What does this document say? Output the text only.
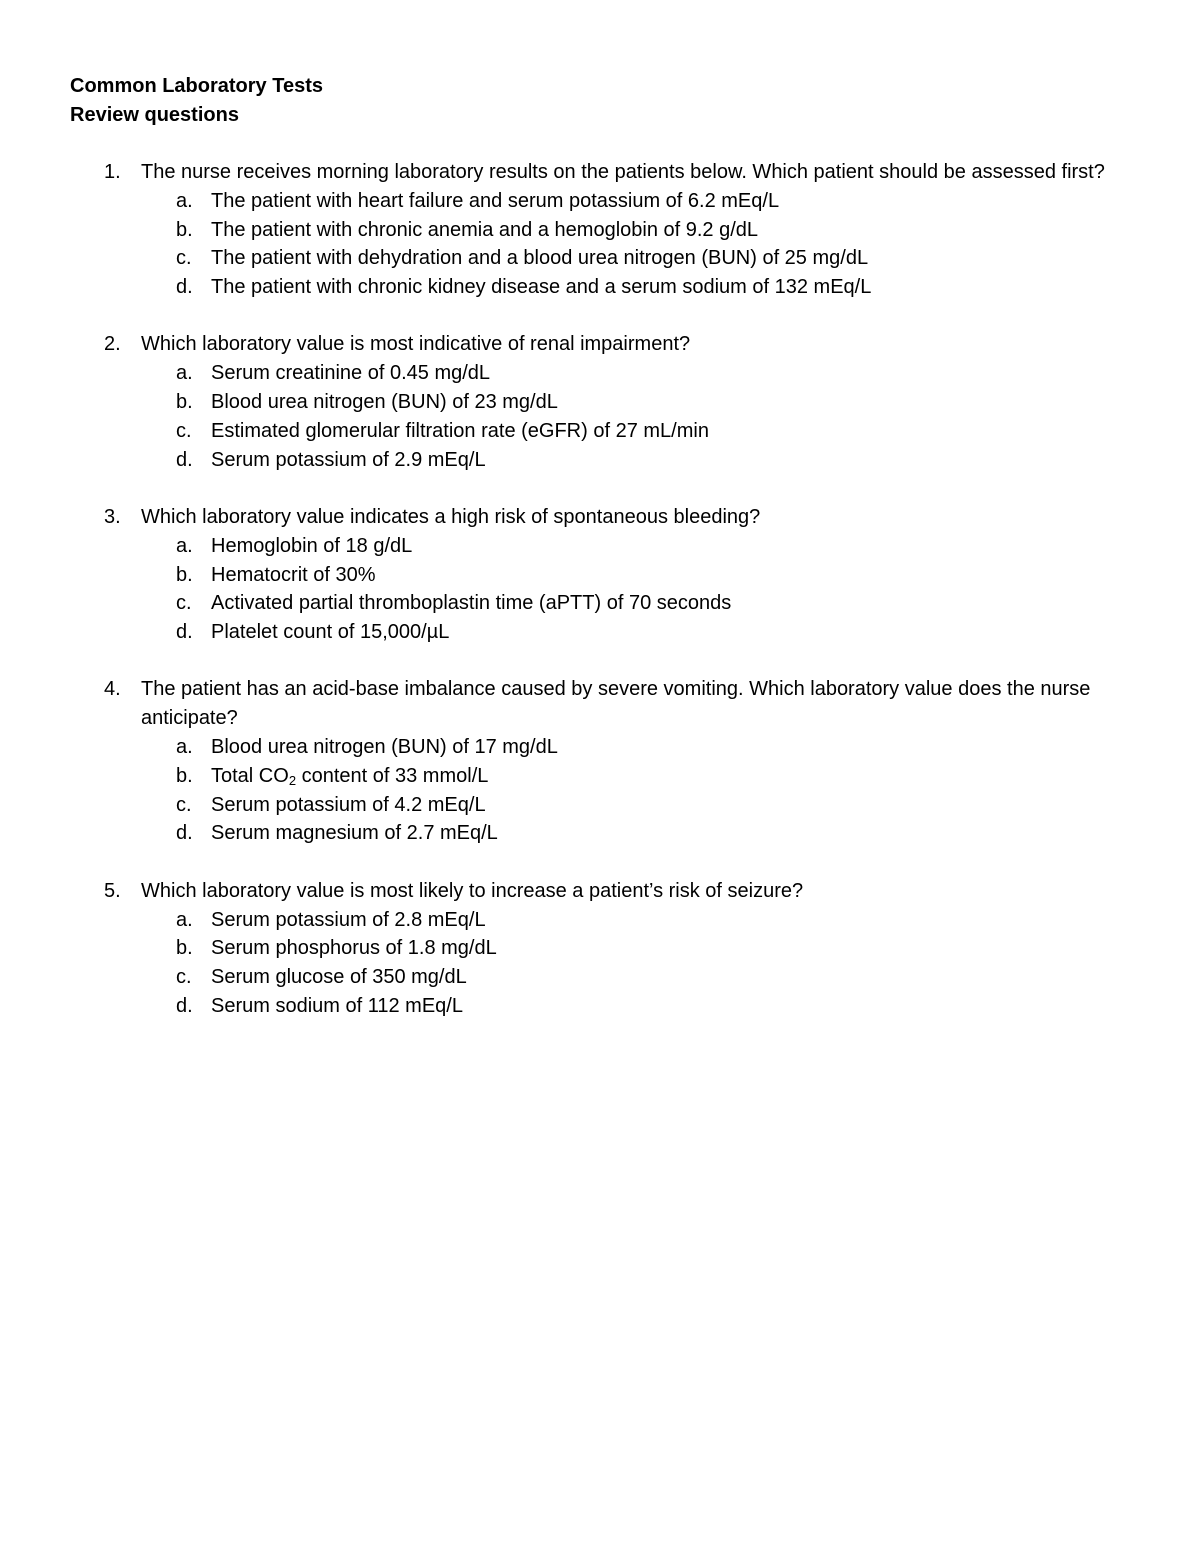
Common Laboratory Tests
Review questions
1. The nurse receives morning laboratory results on the patients below. Which patient should be assessed first?
a. The patient with heart failure and serum potassium of 6.2 mEq/L
b. The patient with chronic anemia and a hemoglobin of 9.2 g/dL
c. The patient with dehydration and a blood urea nitrogen (BUN) of 25 mg/dL
d. The patient with chronic kidney disease and a serum sodium of 132 mEq/L
2. Which laboratory value is most indicative of renal impairment?
a. Serum creatinine of 0.45 mg/dL
b. Blood urea nitrogen (BUN) of 23 mg/dL
c. Estimated glomerular filtration rate (eGFR) of 27 mL/min
d. Serum potassium of 2.9 mEq/L
3. Which laboratory value indicates a high risk of spontaneous bleeding?
a. Hemoglobin of 18 g/dL
b. Hematocrit of 30%
c. Activated partial thromboplastin time (aPTT) of 70 seconds
d. Platelet count of 15,000/µL
4. The patient has an acid-base imbalance caused by severe vomiting. Which laboratory value does the nurse anticipate?
a. Blood urea nitrogen (BUN) of 17 mg/dL
b. Total $CO_2$ content of 33 mmol/L
c. Serum potassium of 4.2 mEq/L
d. Serum magnesium of 2.7 mEq/L
5. Which laboratory value is most likely to increase a patient’s risk of seizure?
a. Serum potassium of 2.8 mEq/L
b. Serum phosphorus of 1.8 mg/dL
c. Serum glucose of 350 mg/dL
d. Serum sodium of 112 mEq/L
